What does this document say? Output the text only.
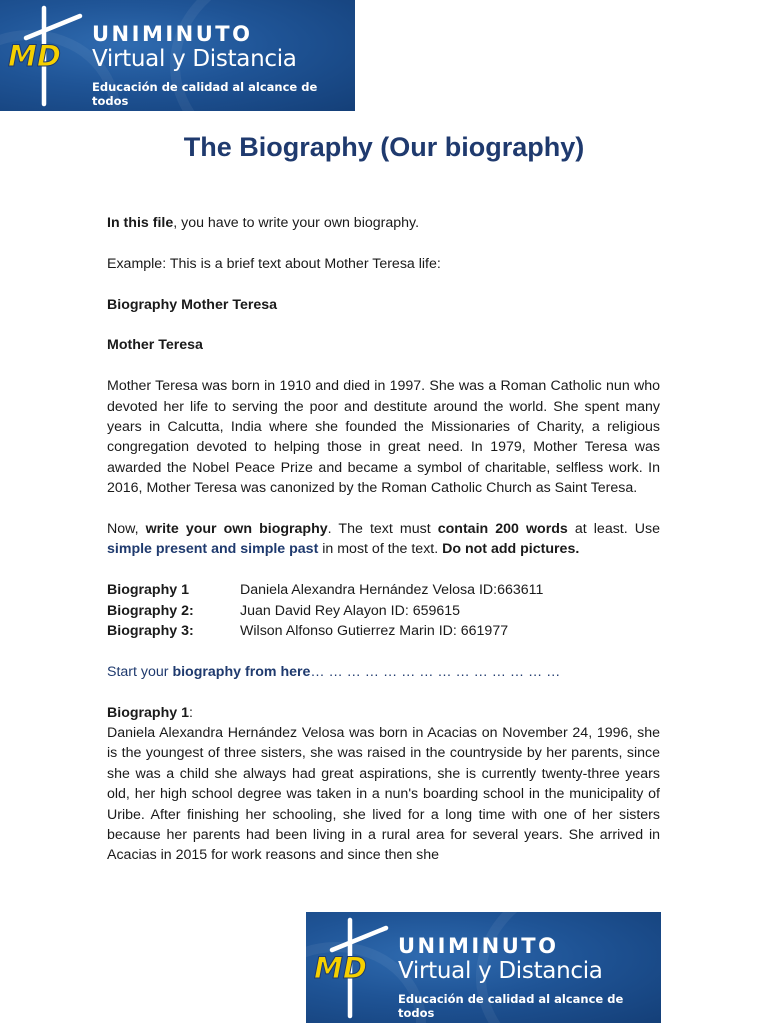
MD
UNIMINUTO
Virtual y Distancia
Educación de calidad al alcance de todos
The Biography (Our biography)

In this file, you have to write your own biography.

Example: This is a brief text about Mother Teresa life:

Biography Mother Teresa

Mother Teresa

Mother Teresa was born in 1910 and died in 1997. She was a Roman Catholic nun who devoted her life to serving the poor and destitute around the world. She spent many years in Calcutta, India where she founded the Missionaries of Charity, a religious congregation devoted to helping those in great need. In 1979, Mother Teresa was awarded the Nobel Peace Prize and became a symbol of charitable, selfless work. In 2016, Mother Teresa was canonized by the Roman Catholic Church as Saint Teresa.

Now, write your own biography. The text must contain 200 words at least. Use simple present and simple past in most of the text. Do not add pictures.

Biography 1	Daniela Alexandra Hernández Velosa ID:663611
Biography 2:	Juan David Rey Alayon ID: 659615
Biography 3:	Wilson Alfonso Gutierrez Marin ID: 661977

Start your biography from here… … … … … … … … … … … … … …

Biography 1:

Daniela Alexandra Hernández Velosa was born in Acacias on November 24, 1996, she is the youngest of three sisters, she was raised in the countryside by her parents, since she was a child she always had great aspirations, she is currently twenty-three years old, her high school degree was taken in a nun's boarding school in the municipality of Uribe. After finishing her schooling, she lived for a long time with one of her sisters because her parents had been living in a rural area for several years. She arrived in Acacias in 2015 for work reasons and since then she

MD
UNIMINUTO
Virtual y Distancia
Educación de calidad al alcance de todos
